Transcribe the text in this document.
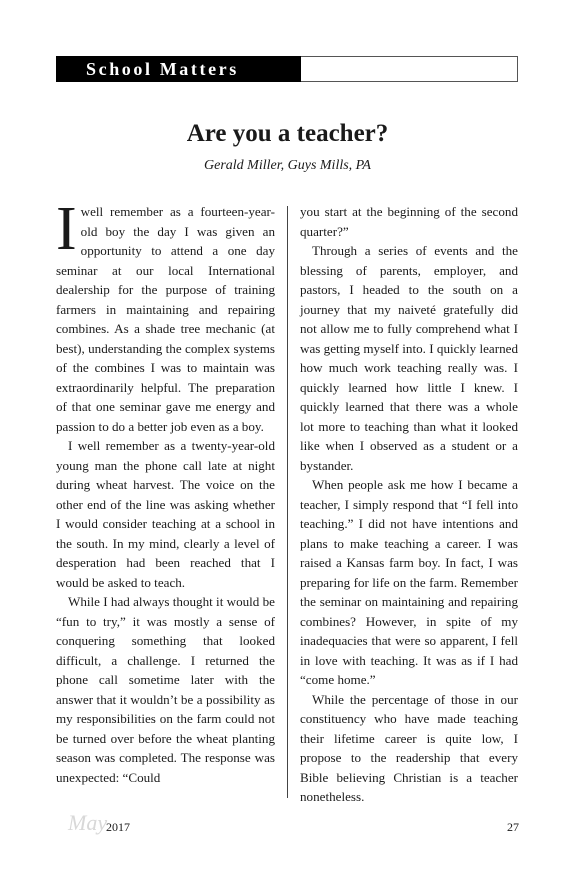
School Matters
Are you a teacher?
Gerald Miller, Guys Mills, PA

I well remember as a fourteen-year-old boy the day I was given an opportunity to attend a one day seminar at our local International dealership for the purpose of training farmers in maintaining and repairing combines. As a shade tree mechanic (at best), understanding the complex systems of the combines I was to maintain was extraordinarily helpful. The preparation of that one seminar gave me energy and passion to do a better job even as a boy.

I well remember as a twenty-year-old young man the phone call late at night during wheat harvest. The voice on the other end of the line was asking whether I would consider teaching at a school in the south. In my mind, clearly a level of desperation had been reached that I would be asked to teach.

While I had always thought it would be “fun to try,” it was mostly a sense of conquering something that looked difficult, a challenge. I returned the phone call sometime later with the answer that it wouldn’t be a possibility as my responsibilities on the farm could not be turned over before the wheat planting season was completed. The response was unexpected: “Could

you start at the beginning of the second quarter?”

Through a series of events and the blessing of parents, employer, and pastors, I headed to the south on a journey that my naiveté gratefully did not allow me to fully comprehend what I was getting myself into. I quickly learned how much work teaching really was. I quickly learned how little I knew. I quickly learned that there was a whole lot more to teaching than what it looked like when I observed as a student or a bystander.

When people ask me how I became a teacher, I simply respond that “I fell into teaching.” I did not have intentions and plans to make teaching a career. I was raised a Kansas farm boy. In fact, I was preparing for life on the farm. Remember the seminar on maintaining and repairing combines? However, in spite of my inadequacies that were so apparent, I fell in love with teaching. It was as if I had “come home.”

While the percentage of those in our constituency who have made teaching their lifetime career is quite low, I propose to the readership that every Bible believing Christian is a teacher nonetheless.

May
2017	27
